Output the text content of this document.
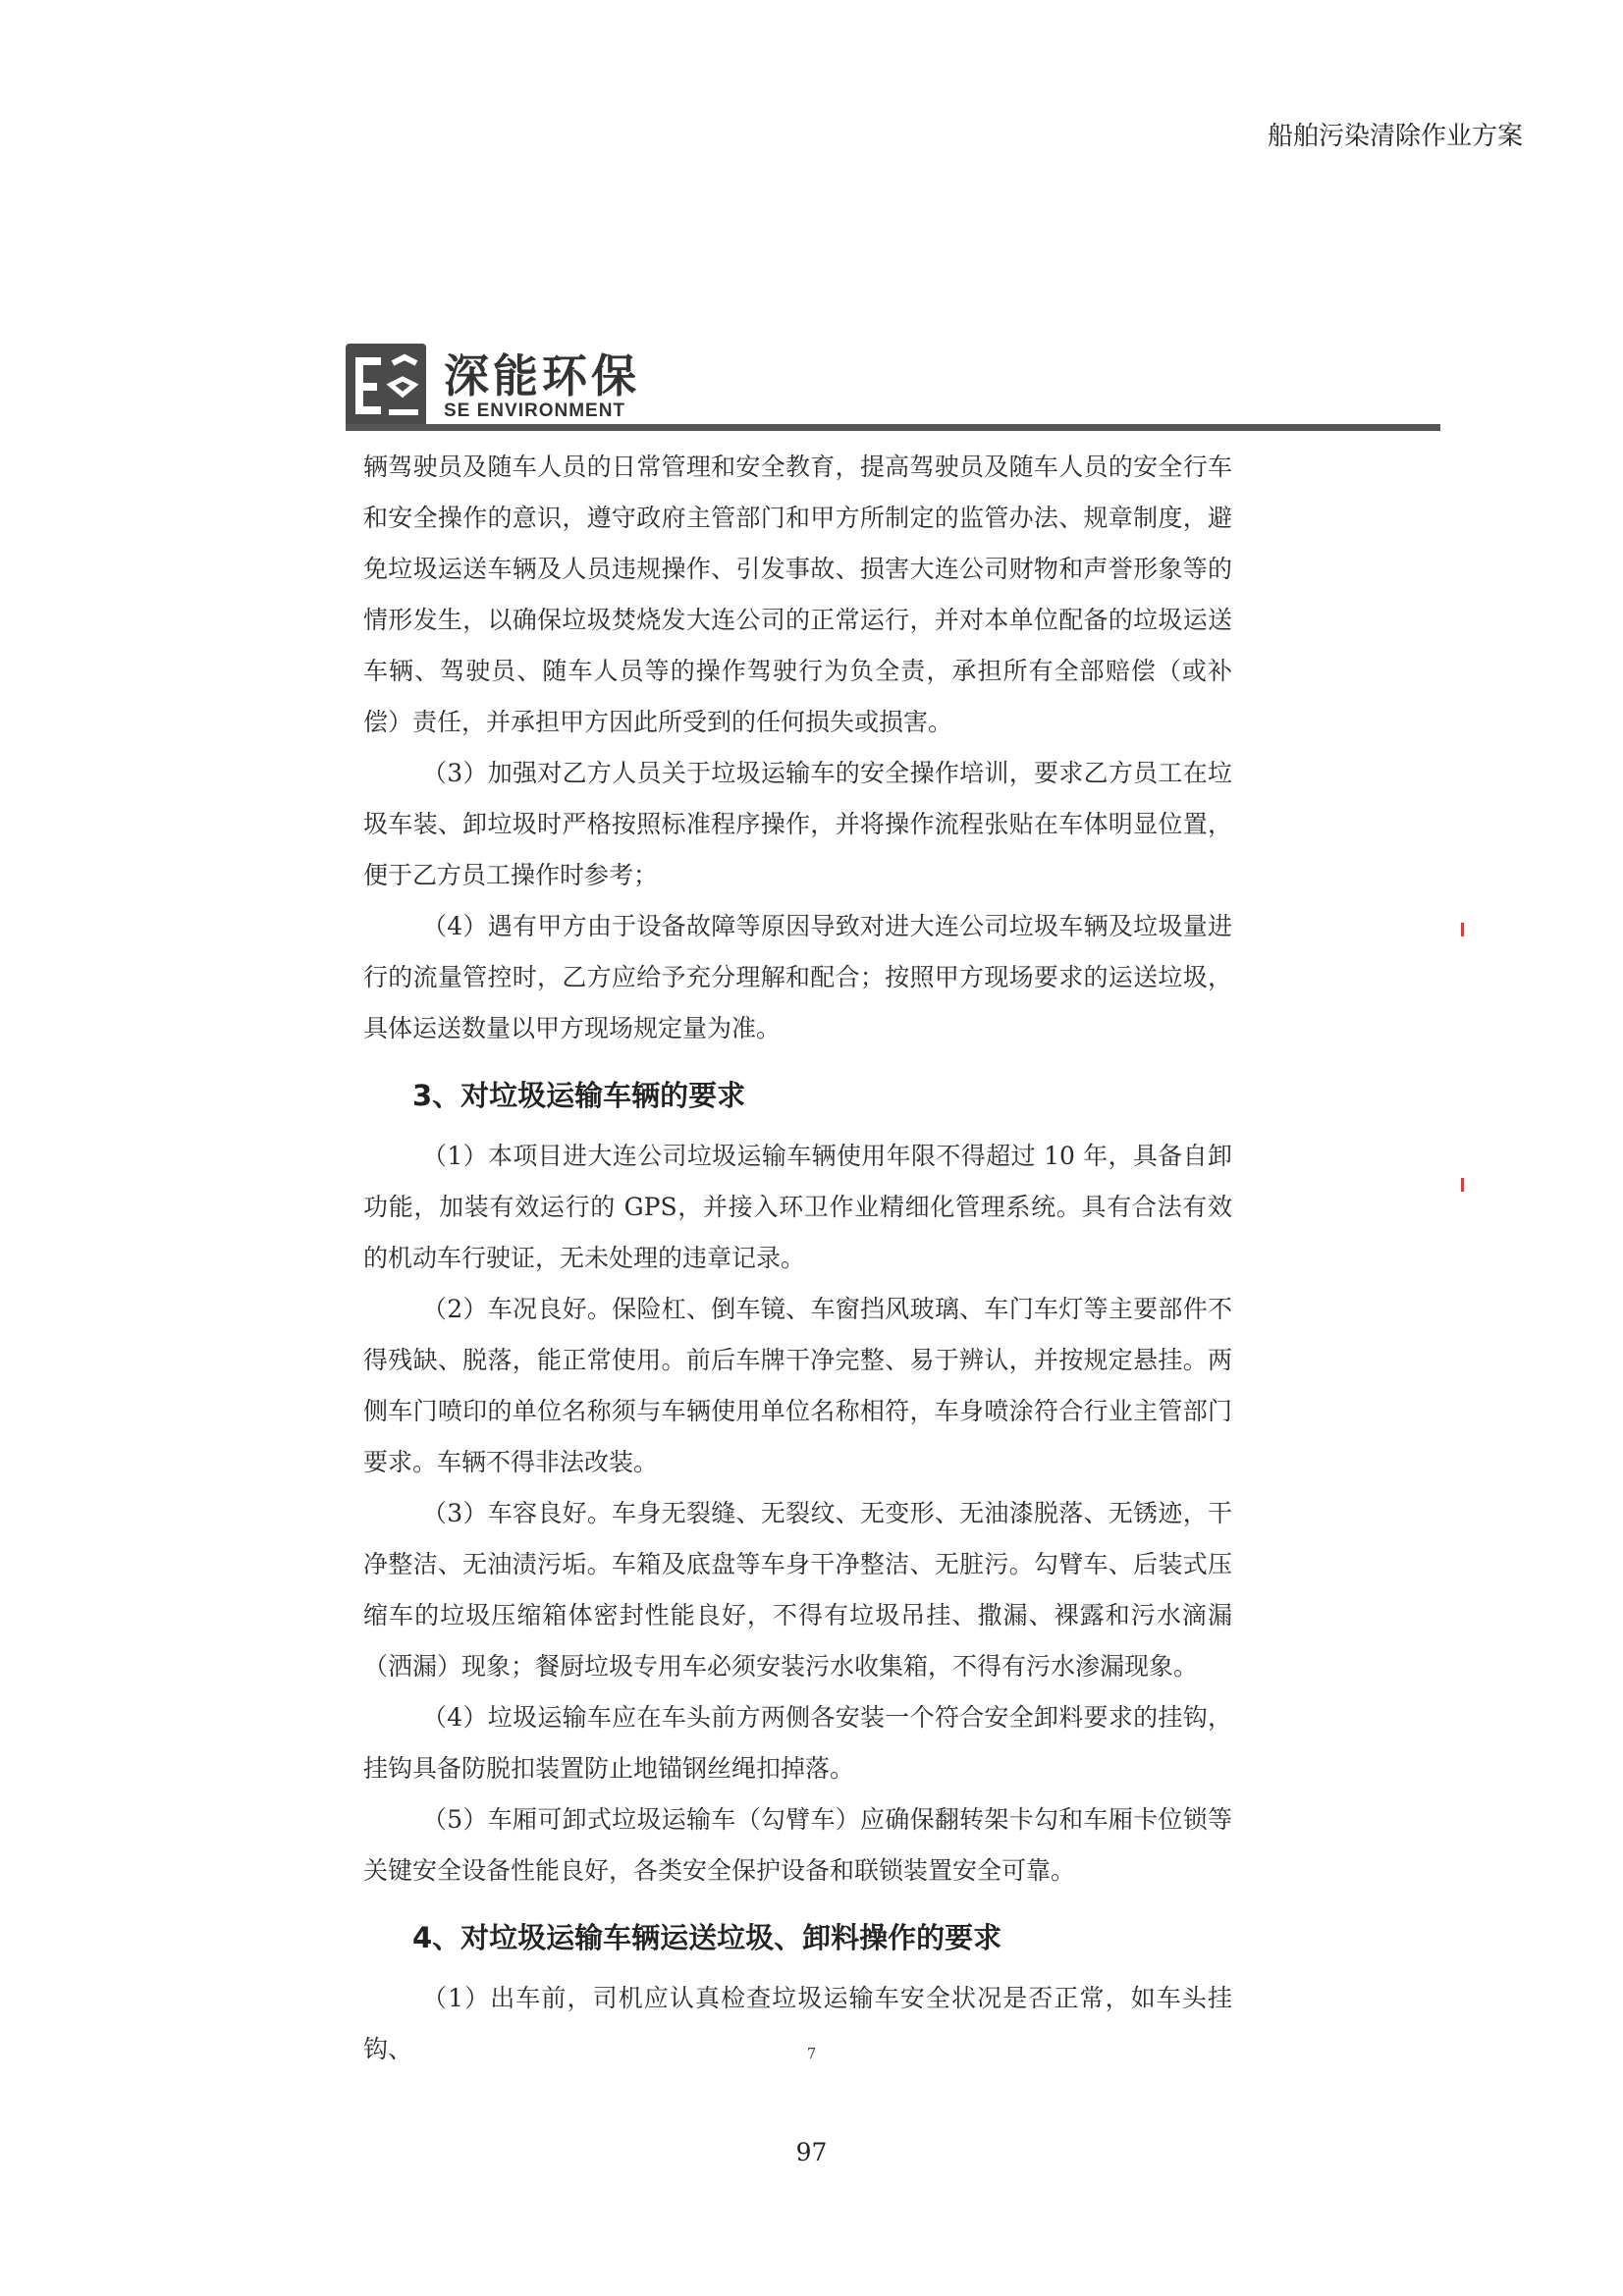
船舶污染清除作业方案
深能环保
SE ENVIRONMENT

辆驾驶员及随车人员的日常管理和安全教育，提高驾驶员及随车人员的安全行车和安全操作的意识，遵守政府主管部门和甲方所制定的监管办法、规章制度，避免垃圾运送车辆及人员违规操作、引发事故、损害大连公司财物和声誉形象等的情形发生，以确保垃圾焚烧发大连公司的正常运行，并对本单位配备的垃圾运送车辆、驾驶员、随车人员等的操作驾驶行为负全责，承担所有全部赔偿（或补偿）责任，并承担甲方因此所受到的任何损失或损害。

（3）加强对乙方人员关于垃圾运输车的安全操作培训，要求乙方员工在垃圾车装、卸垃圾时严格按照标准程序操作，并将操作流程张贴在车体明显位置，便于乙方员工操作时参考；

（4）遇有甲方由于设备故障等原因导致对进大连公司垃圾车辆及垃圾量进行的流量管控时，乙方应给予充分理解和配合；按照甲方现场要求的运送垃圾，具体运送数量以甲方现场规定量为准。

3、对垃圾运输车辆的要求

（1）本项目进大连公司垃圾运输车辆使用年限不得超过 10 年，具备自卸功能，加装有效运行的 GPS，并接入环卫作业精细化管理系统。具有合法有效的机动车行驶证，无未处理的违章记录。

（2）车况良好。保险杠、倒车镜、车窗挡风玻璃、车门车灯等主要部件不得残缺、脱落，能正常使用。前后车牌干净完整、易于辨认，并按规定悬挂。两侧车门喷印的单位名称须与车辆使用单位名称相符，车身喷涂符合行业主管部门要求。车辆不得非法改装。

（3）车容良好。车身无裂缝、无裂纹、无变形、无油漆脱落、无锈迹，干净整洁、无油渍污垢。车箱及底盘等车身干净整洁、无脏污。勾臂车、后装式压缩车的垃圾压缩箱体密封性能良好，不得有垃圾吊挂、撒漏、裸露和污水滴漏（洒漏）现象；餐厨垃圾专用车必须安装污水收集箱，不得有污水渗漏现象。

（4）垃圾运输车应在车头前方两侧各安装一个符合安全卸料要求的挂钩，挂钩具备防脱扣装置防止地锚钢丝绳扣掉落。

（5）车厢可卸式垃圾运输车（勾臂车）应确保翻转架卡勾和车厢卡位锁等关键安全设备性能良好，各类安全保护设备和联锁装置安全可靠。

4、对垃圾运输车辆运送垃圾、卸料操作的要求

（1）出车前，司机应认真检查垃圾运输车安全状况是否正常，如车头挂钩、	7
97
